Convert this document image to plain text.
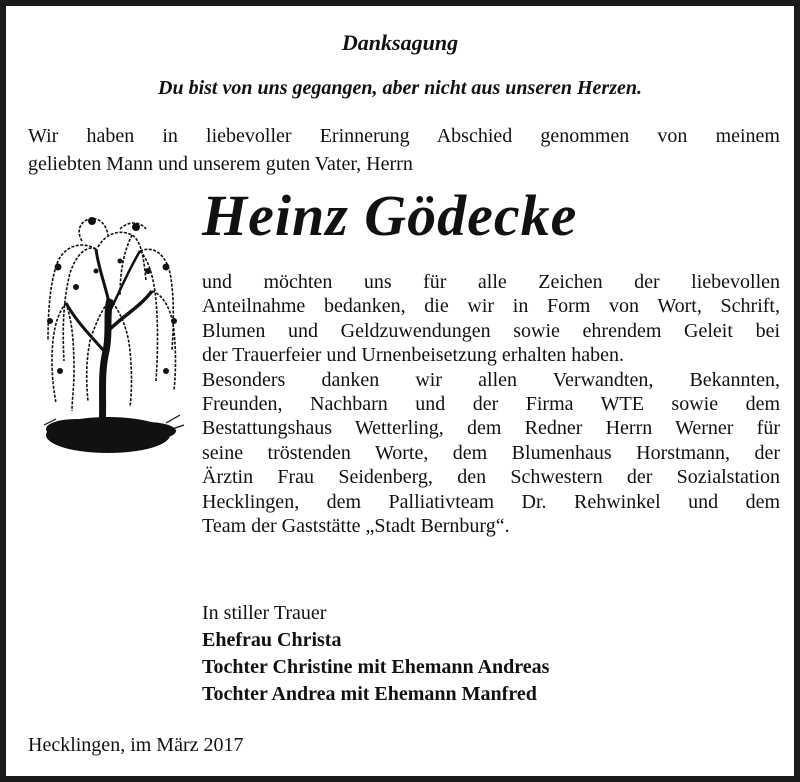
Danksagung
Du bist von uns gegangen, aber nicht aus unseren Herzen.
Wir haben in liebevoller Erinnerung Abschied genommen von meinem
geliebten Mann und unserem guten Vater, Herrn
Heinz Gödecke
und möchten uns für alle Zeichen der liebevollen
Anteilnahme bedanken, die wir in Form von Wort, Schrift,
Blumen und Geldzuwendungen sowie ehrendem Geleit bei
der Trauerfeier und Urnenbeisetzung erhalten haben.
Besonders danken wir allen Verwandten, Bekannten,
Freunden, Nachbarn und der Firma WTE sowie dem
Bestattungshaus Wetterling, dem Redner Herrn Werner für
seine tröstenden Worte, dem Blumenhaus Horstmann, der
Ärztin Frau Seidenberg, den Schwestern der Sozialstation
Hecklingen, dem Palliativteam Dr. Rehwinkel und dem
Team der Gaststätte „Stadt Bernburg“.
In stiller Trauer
Ehefrau Christa
Tochter Christine mit Ehemann Andreas
Tochter Andrea mit Ehemann Manfred
Hecklingen, im März 2017
